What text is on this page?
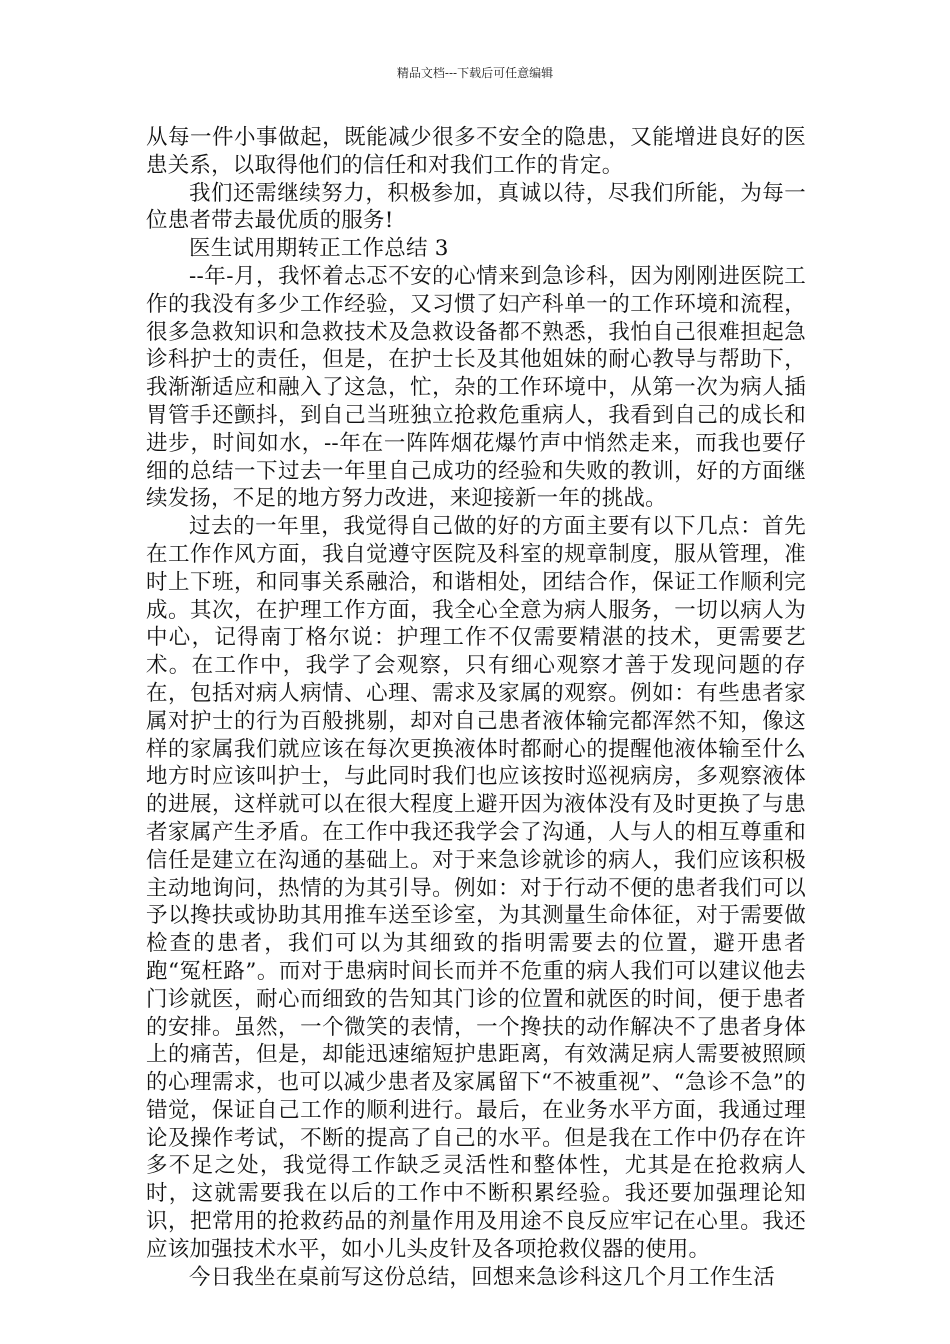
精品文档---下载后可任意编辑

从每一件小事做起，既能减少很多不安全的隐患，又能增进良好的医患关系，以取得他们的信任和对我们工作的肯定。

我们还需继续努力，积极参加，真诚以待，尽我们所能，为每一位患者带去最优质的服务!

医生试用期转正工作总结 3

--年-月，我怀着忐忑不安的心情来到急诊科，因为刚刚进医院工作的我没有多少工作经验，又习惯了妇产科单一的工作环境和流程，很多急救知识和急救技术及急救设备都不熟悉，我怕自己很难担起急诊科护士的责任，但是，在护士长及其他姐妹的耐心教导与帮助下，我渐渐适应和融入了这急，忙，杂的工作环境中，从第一次为病人插胃管手还颤抖，到自己当班独立抢救危重病人，我看到自己的成长和进步，时间如水，--年在一阵阵烟花爆竹声中悄然走来，而我也要仔细的总结一下过去一年里自己成功的经验和失败的教训，好的方面继续发扬，不足的地方努力改进，来迎接新一年的挑战。

过去的一年里，我觉得自己做的好的方面主要有以下几点：首先在工作作风方面，我自觉遵守医院及科室的规章制度，服从管理，准时上下班，和同事关系融洽，和谐相处，团结合作，保证工作顺利完成。其次，在护理工作方面，我全心全意为病人服务，一切以病人为中心，记得南丁格尔说：护理工作不仅需要精湛的技术，更需要艺术。在工作中，我学了会观察，只有细心观察才善于发现问题的存在，包括对病人病情、心理、需求及家属的观察。例如：有些患者家属对护士的行为百般挑剔，却对自己患者液体输完都浑然不知，像这样的家属我们就应该在每次更换液体时都耐心的提醒他液体输至什么地方时应该叫护士，与此同时我们也应该按时巡视病房，多观察液体的进展，这样就可以在很大程度上避开因为液体没有及时更换了与患者家属产生矛盾。在工作中我还我学会了沟通，人与人的相互尊重和信任是建立在沟通的基础上。对于来急诊就诊的病人，我们应该积极主动地询问，热情的为其引导。例如：对于行动不便的患者我们可以予以搀扶或协助其用推车送至诊室，为其测量生命体征，对于需要做检查的患者，我们可以为其细致的指明需要去的位置，避开患者跑“冤枉路”。而对于患病时间长而并不危重的病人我们可以建议他去门诊就医，耐心而细致的告知其门诊的位置和就医的时间，便于患者的安排。虽然，一个微笑的表情，一个搀扶的动作解决不了患者身体上的痛苦，但是，却能迅速缩短护患距离，有效满足病人需要被照顾的心理需求，也可以减少患者及家属留下“不被重视”、“急诊不急”的错觉，保证自己工作的顺利进行。最后，在业务水平方面，我通过理论及操作考试，不断的提高了自己的水平。但是我在工作中仍存在许多不足之处，我觉得工作缺乏灵活性和整体性，尤其是在抢救病人时，这就需要我在以后的工作中不断积累经验。我还要加强理论知识，把常用的抢救药品的剂量作用及用途不良反应牢记在心里。我还应该加强技术水平，如小儿头皮针及各项抢救仪器的使用。

今日我坐在桌前写这份总结，回想来急诊科这几个月工作生活
